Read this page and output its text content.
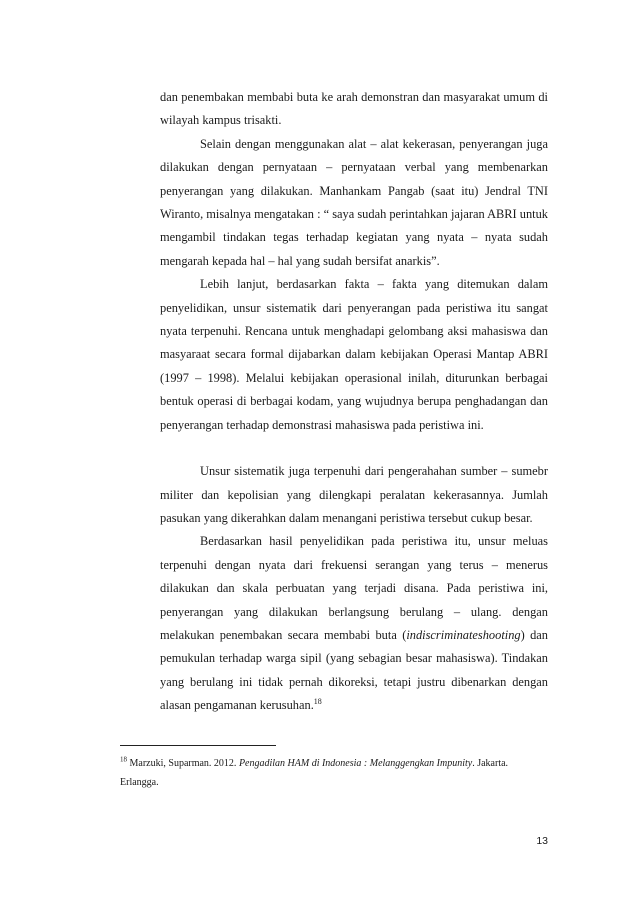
dan penembakan membabi buta ke arah demonstran dan masyarakat umum di wilayah kampus trisakti.

Selain dengan menggunakan alat – alat kekerasan, penyerangan juga dilakukan dengan pernyataan – pernyataan verbal yang membenarkan penyerangan yang dilakukan. Manhankam Pangab (saat itu) Jendral TNI Wiranto, misalnya mengatakan : “ saya sudah perintahkan jajaran ABRI untuk mengambil tindakan tegas terhadap kegiatan yang nyata – nyata sudah mengarah kepada hal – hal yang sudah bersifat anarkis”.

Lebih lanjut, berdasarkan fakta – fakta yang ditemukan dalam penyelidikan, unsur sistematik dari penyerangan pada peristiwa itu sangat nyata terpenuhi. Rencana untuk menghadapi gelombang aksi mahasiswa dan masyaraat secara formal dijabarkan dalam kebijakan Operasi Mantap ABRI (1997 – 1998). Melalui kebijakan operasional inilah, diturunkan berbagai bentuk operasi di berbagai kodam, yang wujudnya berupa penghadangan dan penyerangan terhadap demonstrasi mahasiswa pada peristiwa ini.

Unsur sistematik juga terpenuhi dari pengerahahan sumber – sumebr militer dan kepolisian yang dilengkapi peralatan kekerasannya. Jumlah pasukan yang dikerahkan dalam menangani peristiwa tersebut cukup besar.

Berdasarkan hasil penyelidikan pada peristiwa itu, unsur meluas terpenuhi dengan nyata dari frekuensi serangan yang terus – menerus dilakukan dan skala perbuatan yang terjadi disana. Pada peristiwa ini, penyerangan yang dilakukan berlangsung berulang – ulang. dengan melakukan penembakan secara membabi buta (indiscriminateshooting) dan pemukulan terhadap warga sipil (yang sebagian besar mahasiswa). Tindakan yang berulang ini tidak pernah dikoreksi, tetapi justru dibenarkan dengan alasan pengamanan kerusuhan.$^{18}$

$^{18}$ Marzuki, Suparman. 2012. Pengadilan HAM di Indonesia : Melanggengkan Impunity. Jakarta. Erlangga.
13
